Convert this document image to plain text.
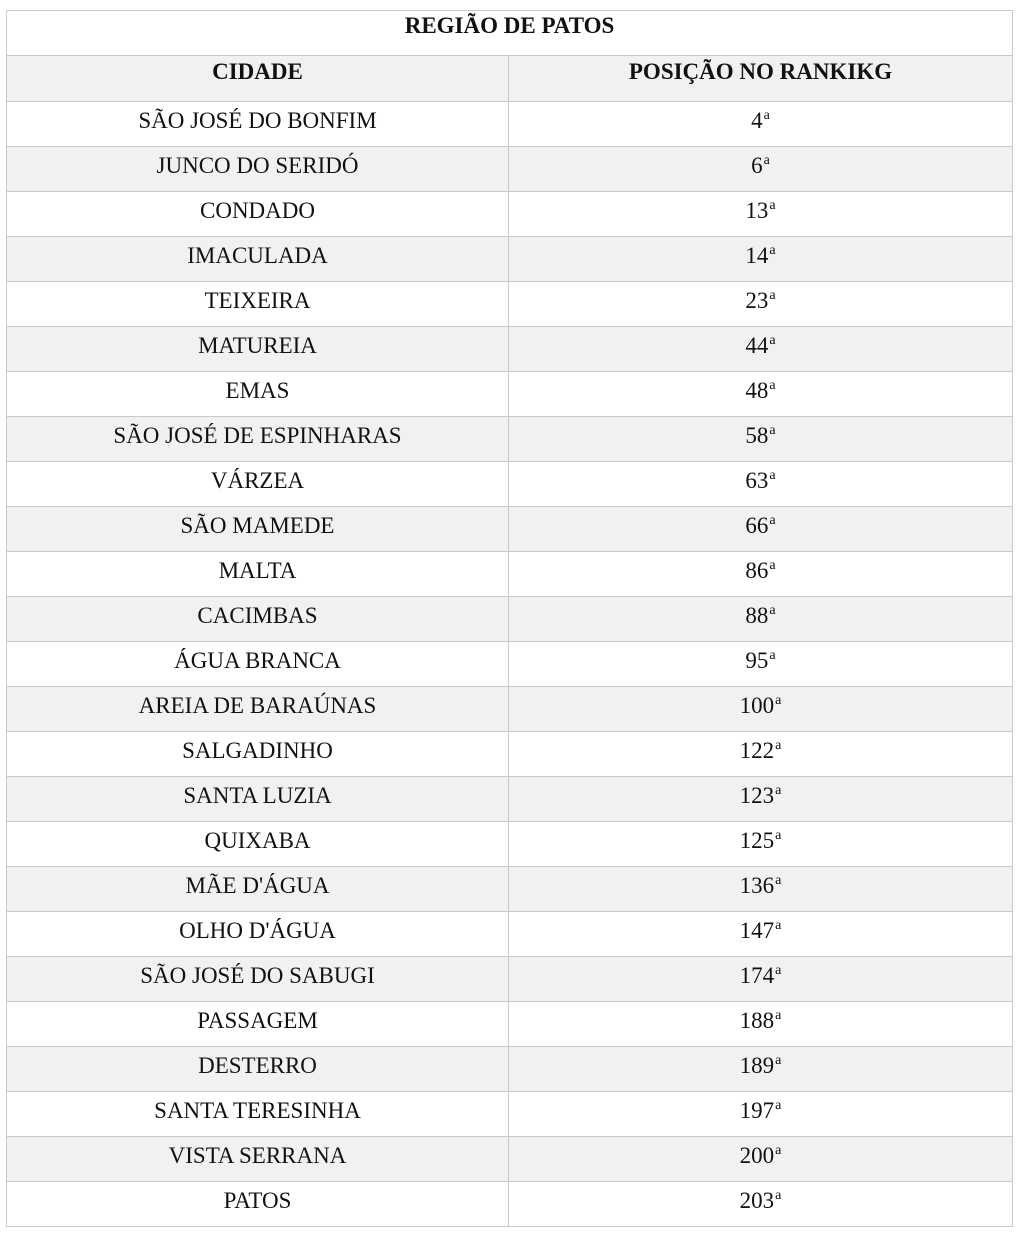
REGIÃO DE PATOS	
CIDADE	POSIÇÃO NO RANKIKG
SÃO JOSÉ DO BONFIM	4$^a$
JUNCO DO SERIDÓ	6$^a$
CONDADO	13$^a$
IMACULADA	14$^a$
TEIXEIRA	23$^a$
MATUREIA	44$^a$
EMAS	48$^a$
SÃO JOSÉ DE ESPINHARAS	58$^a$
VÁRZEA	63$^a$
SÃO MAMEDE	66$^a$
MALTA	86$^a$
CACIMBAS	88$^a$
ÁGUA BRANCA	95$^a$
AREIA DE BARAÚNAS	100$^a$
SALGADINHO	122$^a$
SANTA LUZIA	123$^a$
QUIXABA	125$^a$
MÃE D'ÁGUA	136$^a$
OLHO D'ÁGUA	147$^a$
SÃO JOSÉ DO SABUGI	174$^a$
PASSAGEM	188$^a$
DESTERRO	189$^a$
SANTA TERESINHA	197$^a$
VISTA SERRANA	200$^a$
PATOS	203$^a$
